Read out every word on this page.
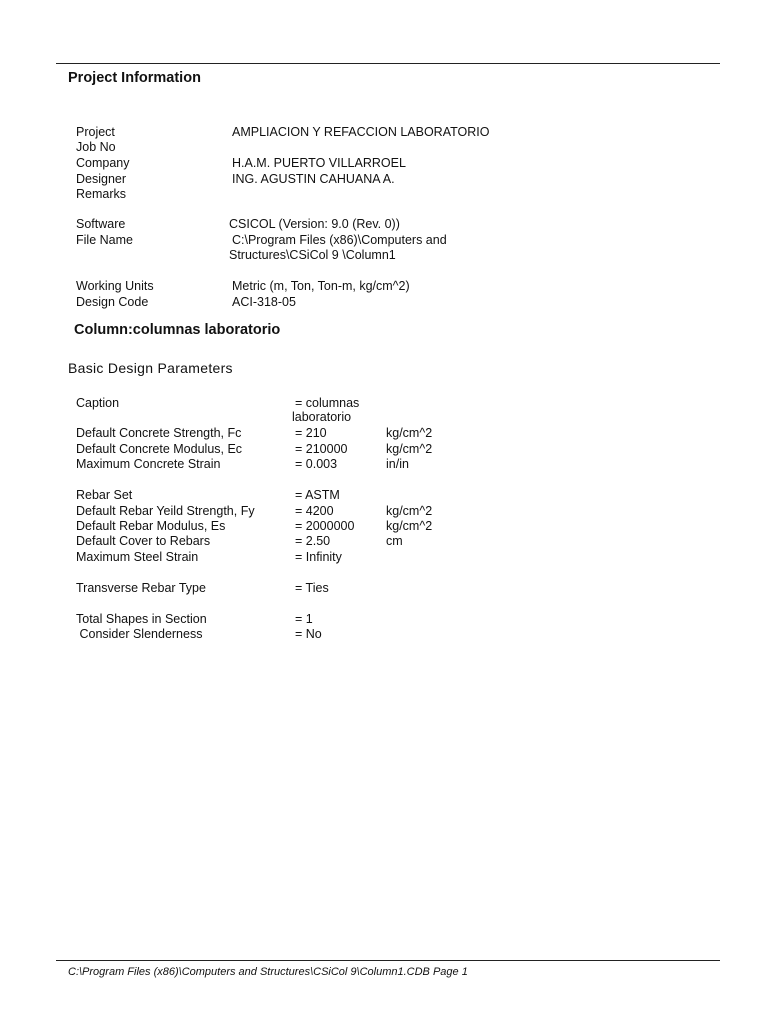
Project Information
Project	AMPLIACION Y REFACCION LABORATORIO
Job No
Company	H.A.M. PUERTO VILLARROEL
Designer	ING. AGUSTIN CAHUANA A.
Remarks
Software	CSICOL (Version: 9.0 (Rev. 0))
File Name	C:\Program Files (x86)\Computers and
Structures\CSiCol 9 \Column1
Working Units	Metric (m, Ton, Ton-m, kg/cm^2)
Design Code	ACI-318-05
Column:columnas laboratorio
Basic Design Parameters
Caption	= columnas
laboratorio
Default Concrete Strength, Fc	= 210	kg/cm^2
Default Concrete Modulus, Ec	= 210000	kg/cm^2
Maximum Concrete Strain	= 0.003	in/in
Rebar Set	= ASTM
Default Rebar Yeild Strength, Fy	= 4200	kg/cm^2
Default Rebar Modulus, Es	= 2000000	kg/cm^2
Default Cover to Rebars	= 2.50	cm
Maximum Steel Strain	= Infinity
Transverse Rebar Type	= Ties
Total Shapes in Section	= 1
Consider Slenderness	= No
C:\Program Files (x86)\Computers and Structures\CSiCol 9\Column1.CDB Page 1
